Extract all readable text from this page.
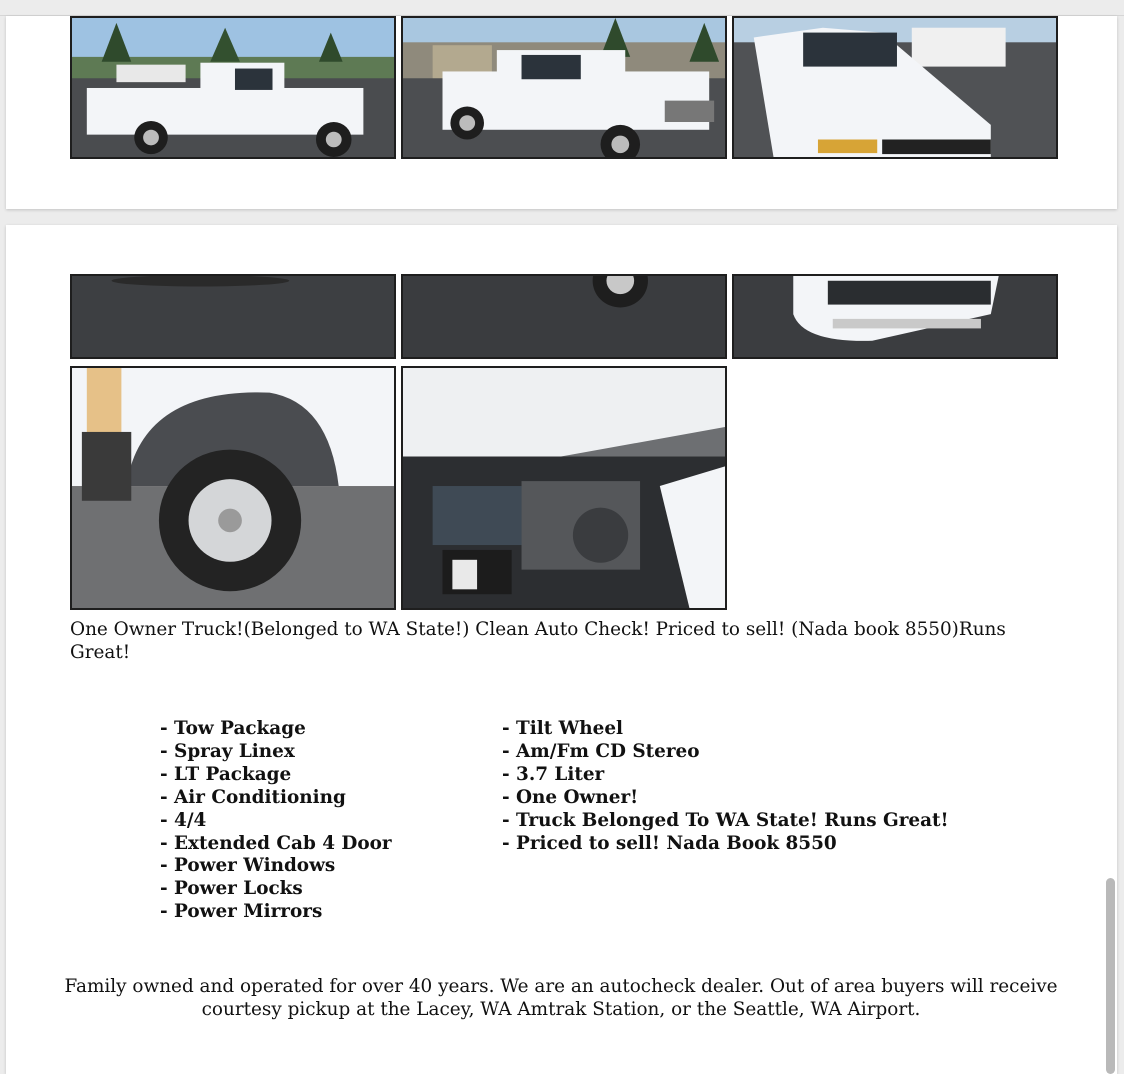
One Owner Truck!(Belonged to WA State!) Clean Auto Check! Priced to sell! (Nada book 8550)Runs Great!
- Tow Package
- Spray Linex
- LT Package
- Air Conditioning
- 4/4
- Extended Cab 4 Door
- Power Windows
- Power Locks
- Power Mirrors
- Tilt Wheel
- Am/Fm CD Stereo
- 3.7 Liter
- One Owner!
- Truck Belonged To WA State! Runs Great!
- Priced to sell! Nada Book 8550
Family owned and operated for over 40 years. We are an autocheck dealer. Out of area buyers will receive courtesy pickup at the Lacey, WA Amtrak Station, or the Seattle, WA Airport.
